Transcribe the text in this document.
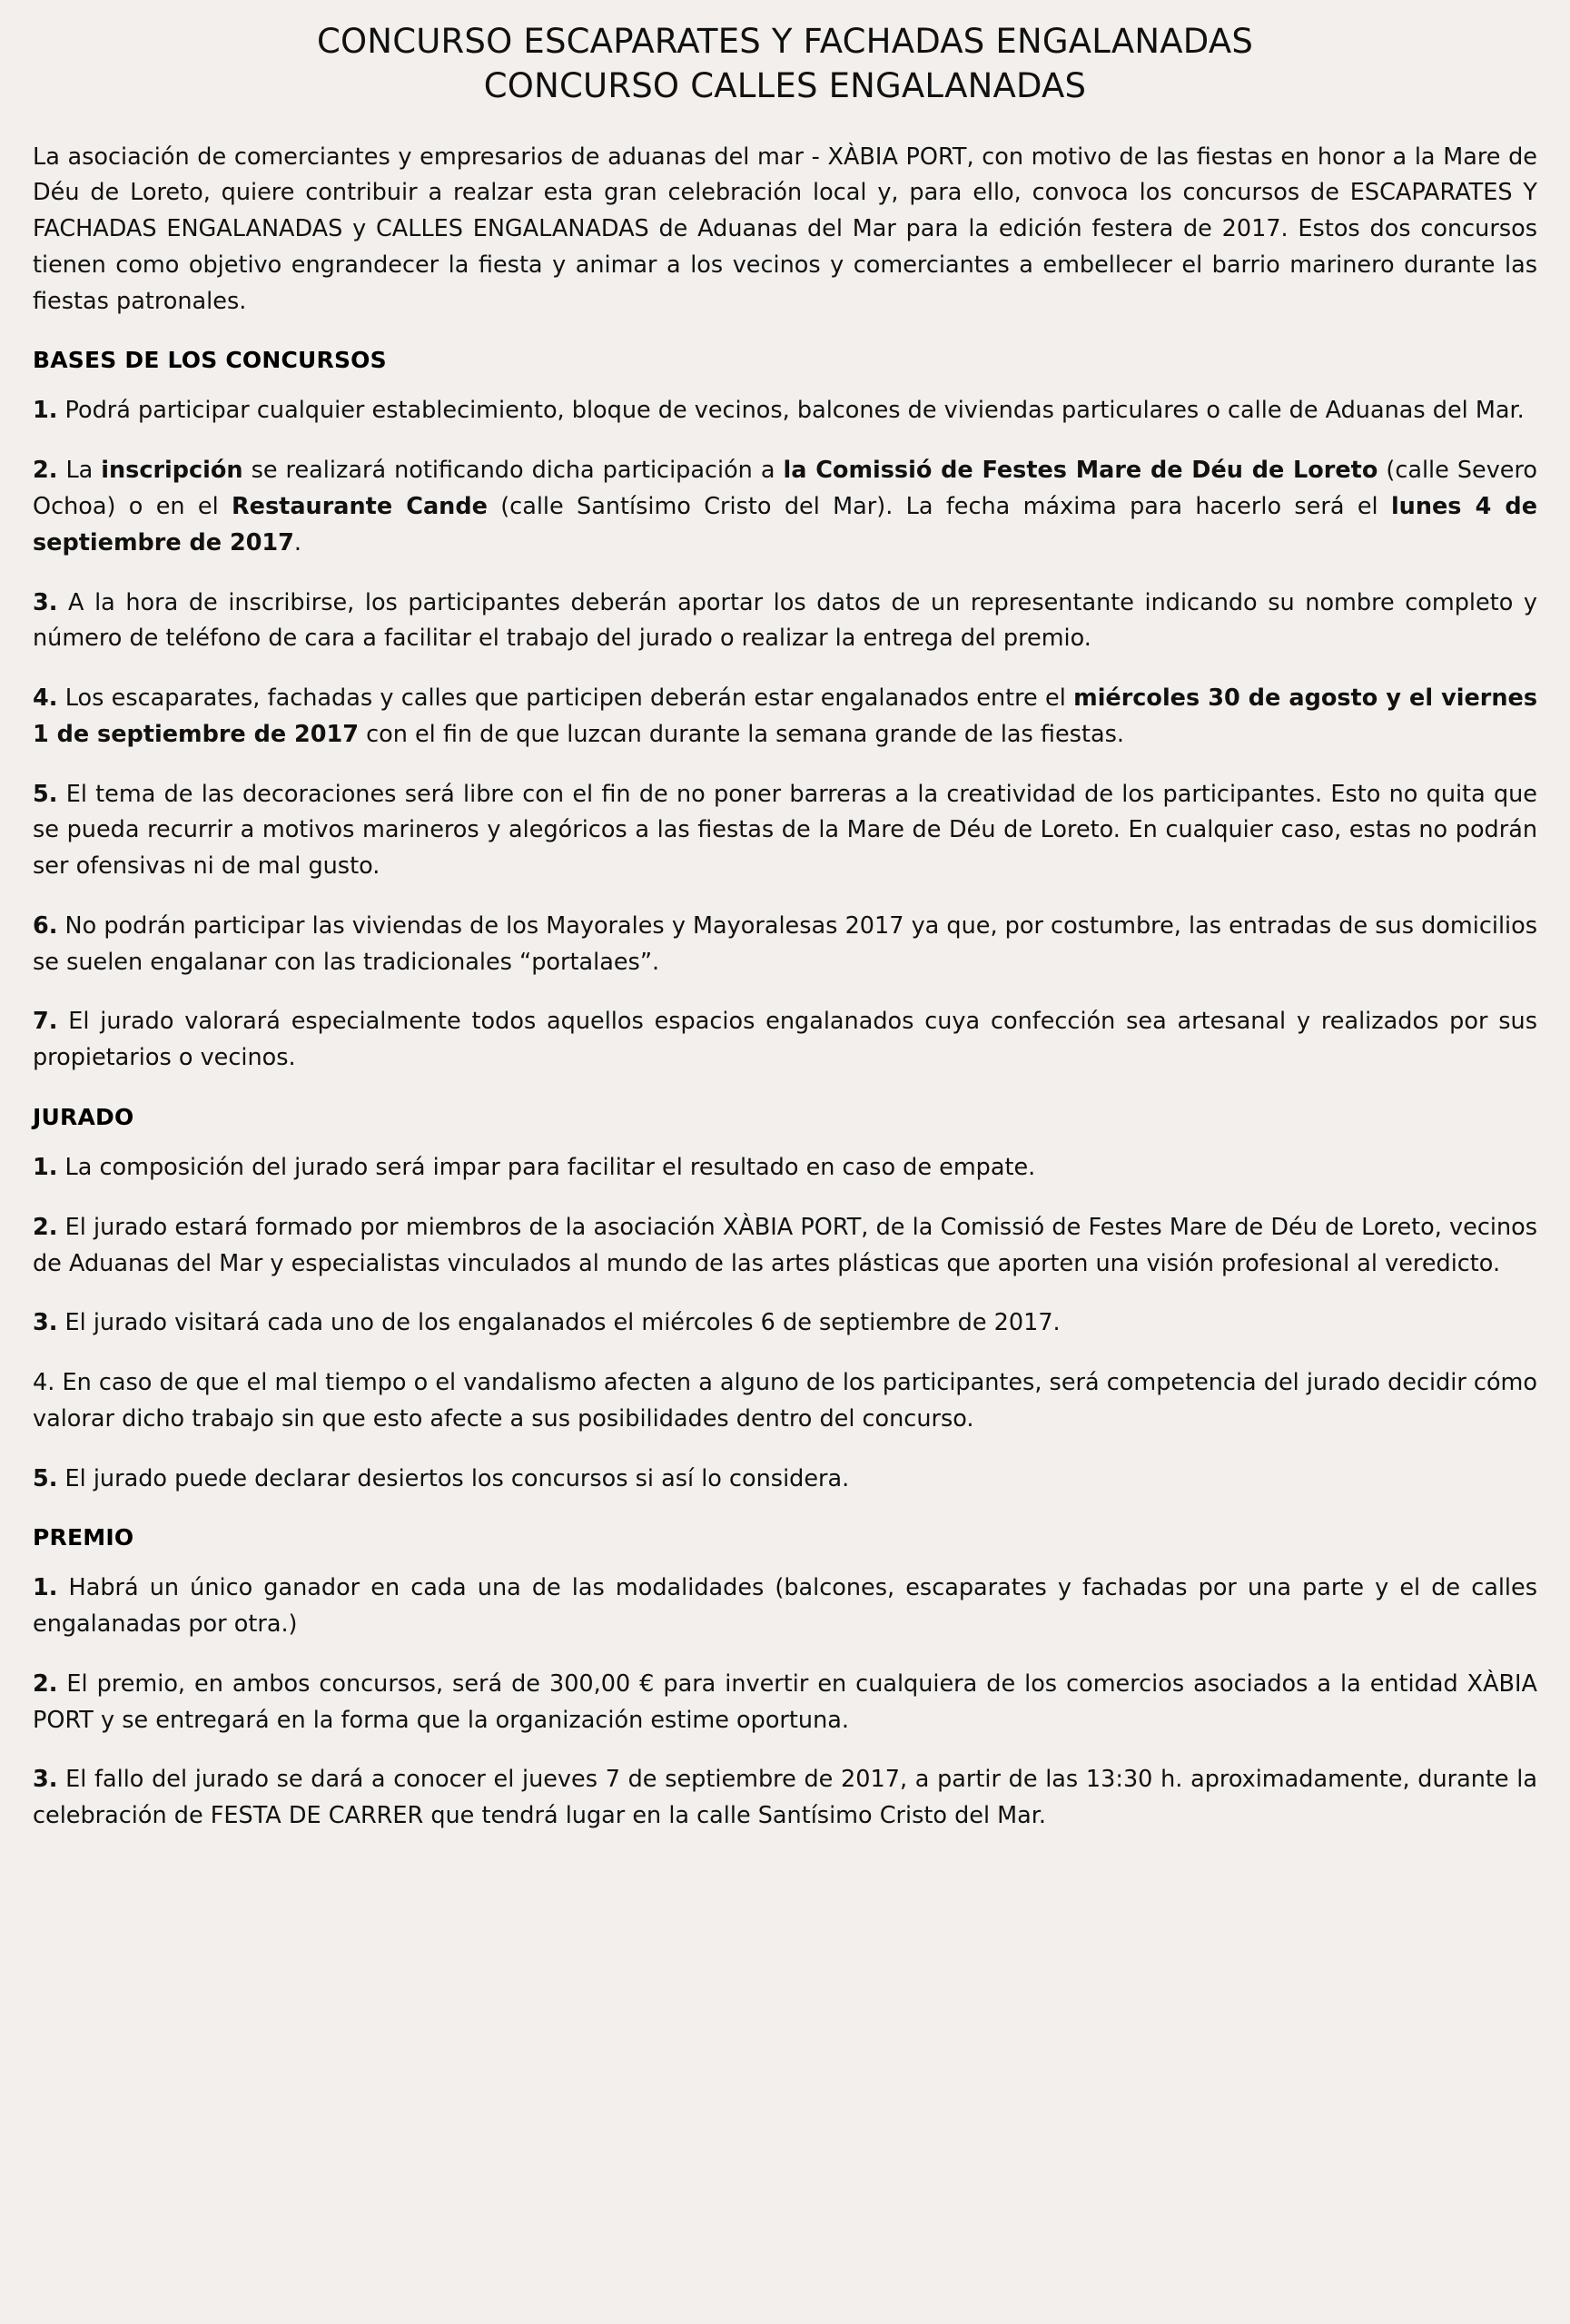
CONCURSO ESCAPARATES Y FACHADAS ENGALANADAS
CONCURSO CALLES ENGALANADAS

La asociación de comerciantes y empresarios de aduanas del mar - XÀBIA PORT, con motivo de las fiestas en honor a la Mare de Déu de Loreto, quiere contribuir a realzar esta gran celebración local y, para ello, convoca los concursos de ESCAPARATES Y FACHADAS ENGALANADAS y CALLES ENGALANADAS de Aduanas del Mar para la edición festera de 2017. Estos dos concursos tienen como objetivo engrandecer la fiesta y animar a los vecinos y comerciantes a embellecer el barrio marinero durante las fiestas patronales.

BASES DE LOS CONCURSOS

1. Podrá participar cualquier establecimiento, bloque de vecinos, balcones de viviendas particulares o calle de Aduanas del Mar.

2. La inscripción se realizará notificando dicha participación a la Comissió de Festes Mare de Déu de Loreto (calle Severo Ochoa) o en el Restaurante Cande (calle Santísimo Cristo del Mar). La fecha máxima para hacerlo será el lunes 4 de septiembre de 2017.

3. A la hora de inscribirse, los participantes deberán aportar los datos de un representante indicando su nombre completo y número de teléfono de cara a facilitar el trabajo del jurado o realizar la entrega del premio.

4. Los escaparates, fachadas y calles que participen deberán estar engalanados entre el miércoles 30 de agosto y el viernes 1 de septiembre de 2017 con el fin de que luzcan durante la semana grande de las fiestas.

5. El tema de las decoraciones será libre con el fin de no poner barreras a la creatividad de los participantes. Esto no quita que se pueda recurrir a motivos marineros y alegóricos a las fiestas de la Mare de Déu de Loreto. En cualquier caso, estas no podrán ser ofensivas ni de mal gusto.

6. No podrán participar las viviendas de los Mayorales y Mayoralesas 2017 ya que, por costumbre, las entradas de sus domicilios se suelen engalanar con las tradicionales “portalaes”.

7. El jurado valorará especialmente todos aquellos espacios engalanados cuya confección sea artesanal y realizados por sus propietarios o vecinos.

JURADO

1. La composición del jurado será impar para facilitar el resultado en caso de empate.

2. El jurado estará formado por miembros de la asociación XÀBIA PORT, de la Comissió de Festes Mare de Déu de Loreto, vecinos de Aduanas del Mar y especialistas vinculados al mundo de las artes plásticas que aporten una visión profesional al veredicto.

3. El jurado visitará cada uno de los engalanados el miércoles 6 de septiembre de 2017.

4. En caso de que el mal tiempo o el vandalismo afecten a alguno de los participantes, será competencia del jurado decidir cómo valorar dicho trabajo sin que esto afecte a sus posibilidades dentro del concurso.

5. El jurado puede declarar desiertos los concursos si así lo considera.

PREMIO

1. Habrá un único ganador en cada una de las modalidades (balcones, escaparates y fachadas por una parte y el de calles engalanadas por otra.)

2. El premio, en ambos concursos, será de 300,00 € para invertir en cualquiera de los comercios asociados a la entidad XÀBIA PORT y se entregará en la forma que la organización estime oportuna.

3. El fallo del jurado se dará a conocer el jueves 7 de septiembre de 2017, a partir de las 13:30 h. aproximadamente, durante la celebración de FESTA DE CARRER que tendrá lugar en la calle Santísimo Cristo del Mar.
